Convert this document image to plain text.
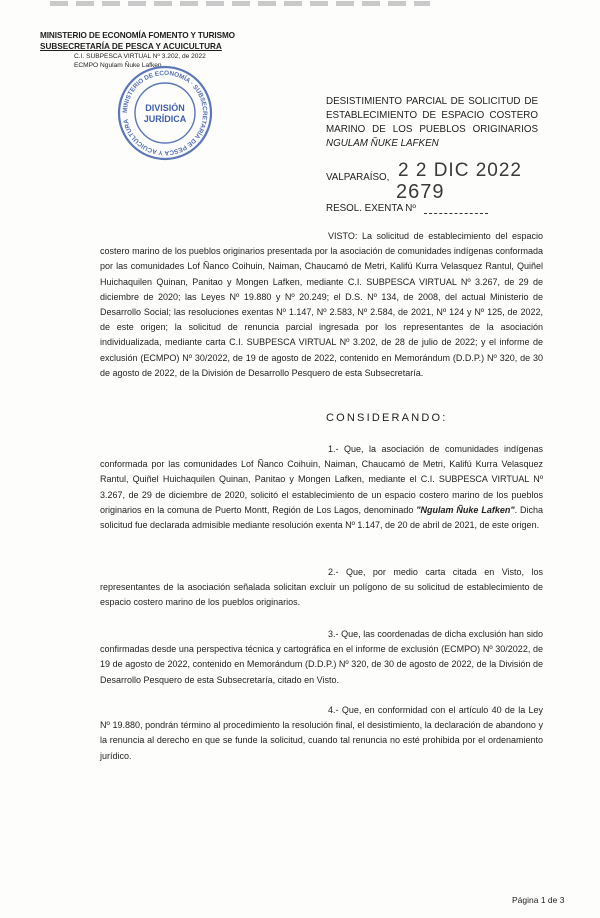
MINISTERIO DE ECONOMÍA FOMENTO Y TURISMO
SUBSECRETARÍA DE PESCA Y ACUICULTURA
C.I. SUBPESCA VIRTUAL Nº 3.202, de 2022
ECMPO Ngulam Ñuke Lafken
MINISTERIO DE ECONOMÍA · SUBSECRETARÍA DE PESCA Y ACUICULTURA
DIVISIÓN
JURÍDICA
DESISTIMIENTO PARCIAL DE SOLICITUD DE ESTABLECIMIENTO DE ESPACIO COSTERO MARINO DE LOS PUEBLOS ORIGINARIOS NGULAM ÑUKE LAFKEN
VALPARAÍSO, 2 2 DIC 2022
RESOL. EXENTA Nº
2679
VISTO: La solicitud de establecimiento del espacio costero marino de los pueblos originarios presentada por la asociación de comunidades indígenas conformada por las comunidades Lof Ñanco Coihuin, Naiman, Chaucamó de Metri, Kalifú Kurra Velasquez Rantul, Quiñel Huichaquilen Quinan, Panitao y Mongen Lafken, mediante C.I. SUBPESCA VIRTUAL Nº 3.267, de 29 de diciembre de 2020; las Leyes Nº 19.880 y Nº 20.249; el D.S. Nº 134, de 2008, del actual Ministerio de Desarrollo Social; las resoluciones exentas Nº 1.147, Nº 2.583, Nº 2.584, de 2021, Nº 124 y Nº 125, de 2022, de este origen; la solicitud de renuncia parcial ingresada por los representantes de la asociación individualizada, mediante carta C.I. SUBPESCA VIRTUAL Nº 3.202, de 28 de julio de 2022; y el informe de exclusión (ECMPO) Nº 30/2022, de 19 de agosto de 2022, contenido en Memorándum (D.D.P.) Nº 320, de 30 de agosto de 2022, de la División de Desarrollo Pesquero de esta Subsecretaría.
CONSIDERANDO:
1.- Que, la asociación de comunidades indígenas conformada por las comunidades Lof Ñanco Coihuin, Naiman, Chaucamó de Metri, Kalifú Kurra Velasquez Rantul, Quiñel Huichaquilen Quinan, Panitao y Mongen Lafken, mediante el C.I. SUBPESCA VIRTUAL Nº 3.267, de 29 de diciembre de 2020, solicitó el establecimiento de un espacio costero marino de los pueblos originarios en la comuna de Puerto Montt, Región de Los Lagos, denominado "Ngulam Ñuke Lafken". Dicha solicitud fue declarada admisible mediante resolución exenta Nº 1.147, de 20 de abril de 2021, de este origen.
2.- Que, por medio carta citada en Visto, los representantes de la asociación señalada solicitan excluir un polígono de su solicitud de establecimiento de espacio costero marino de los pueblos originarios.
3.- Que, las coordenadas de dicha exclusión han sido confirmadas desde una perspectiva técnica y cartográfica en el informe de exclusión (ECMPO) Nº 30/2022, de 19 de agosto de 2022, contenido en Memorándum (D.D.P.) Nº 320, de 30 de agosto de 2022, de la División de Desarrollo Pesquero de esta Subsecretaría, citado en Visto.
4.- Que, en conformidad con el artículo 40 de la Ley Nº 19.880, pondrán término al procedimiento la resolución final, el desistimiento, la declaración de abandono y la renuncia al derecho en que se funde la solicitud, cuando tal renuncia no esté prohibida por el ordenamiento jurídico.
Página 1 de 3
